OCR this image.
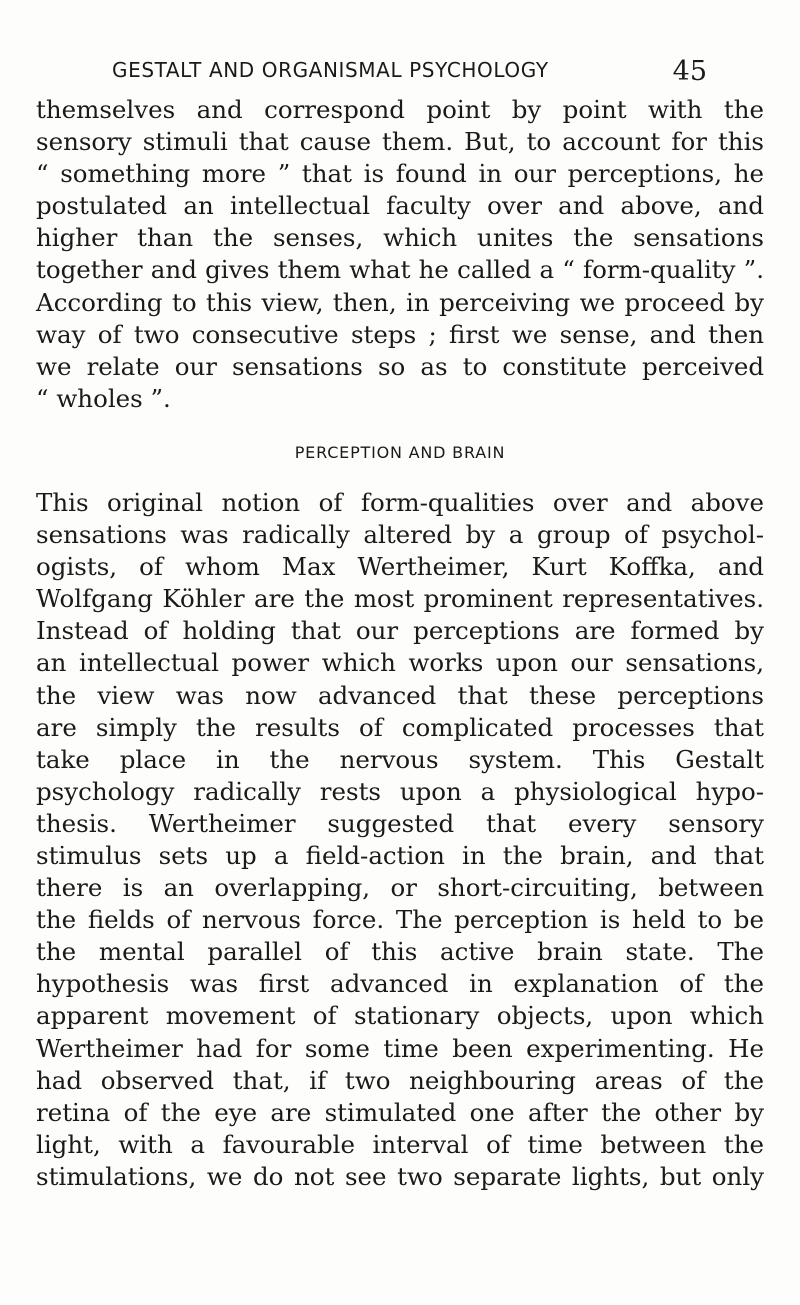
GESTALT AND ORGANISMAL PSYCHOLOGY	45
themselves and correspond point by point with the
sensory stimuli that cause them. But, to account for this
“ something more ” that is found in our perceptions, he
postulated an intellectual faculty over and above, and
higher than the senses, which unites the sensations
together and gives them what he called a “ form-quality ”.
According to this view, then, in perceiving we proceed by
way of two consecutive steps ; first we sense, and then
we relate our sensations so as to constitute perceived
“ wholes ”.
PERCEPTION AND BRAIN
This original notion of form-qualities over and above
sensations was radically altered by a group of psychol-
ogists, of whom Max Wertheimer, Kurt Koffka, and
Wolfgang Köhler are the most prominent representatives.
Instead of holding that our perceptions are formed by
an intellectual power which works upon our sensations,
the view was now advanced that these perceptions
are simply the results of complicated processes that
take place in the nervous system. This Gestalt
psychology radically rests upon a physiological hypo-
thesis. Wertheimer suggested that every sensory
stimulus sets up a field-action in the brain, and that
there is an overlapping, or short-circuiting, between
the fields of nervous force. The perception is held to be
the mental parallel of this active brain state. The
hypothesis was first advanced in explanation of the
apparent movement of stationary objects, upon which
Wertheimer had for some time been experimenting. He
had observed that, if two neighbouring areas of the
retina of the eye are stimulated one after the other by
light, with a favourable interval of time between the
stimulations, we do not see two separate lights, but only
